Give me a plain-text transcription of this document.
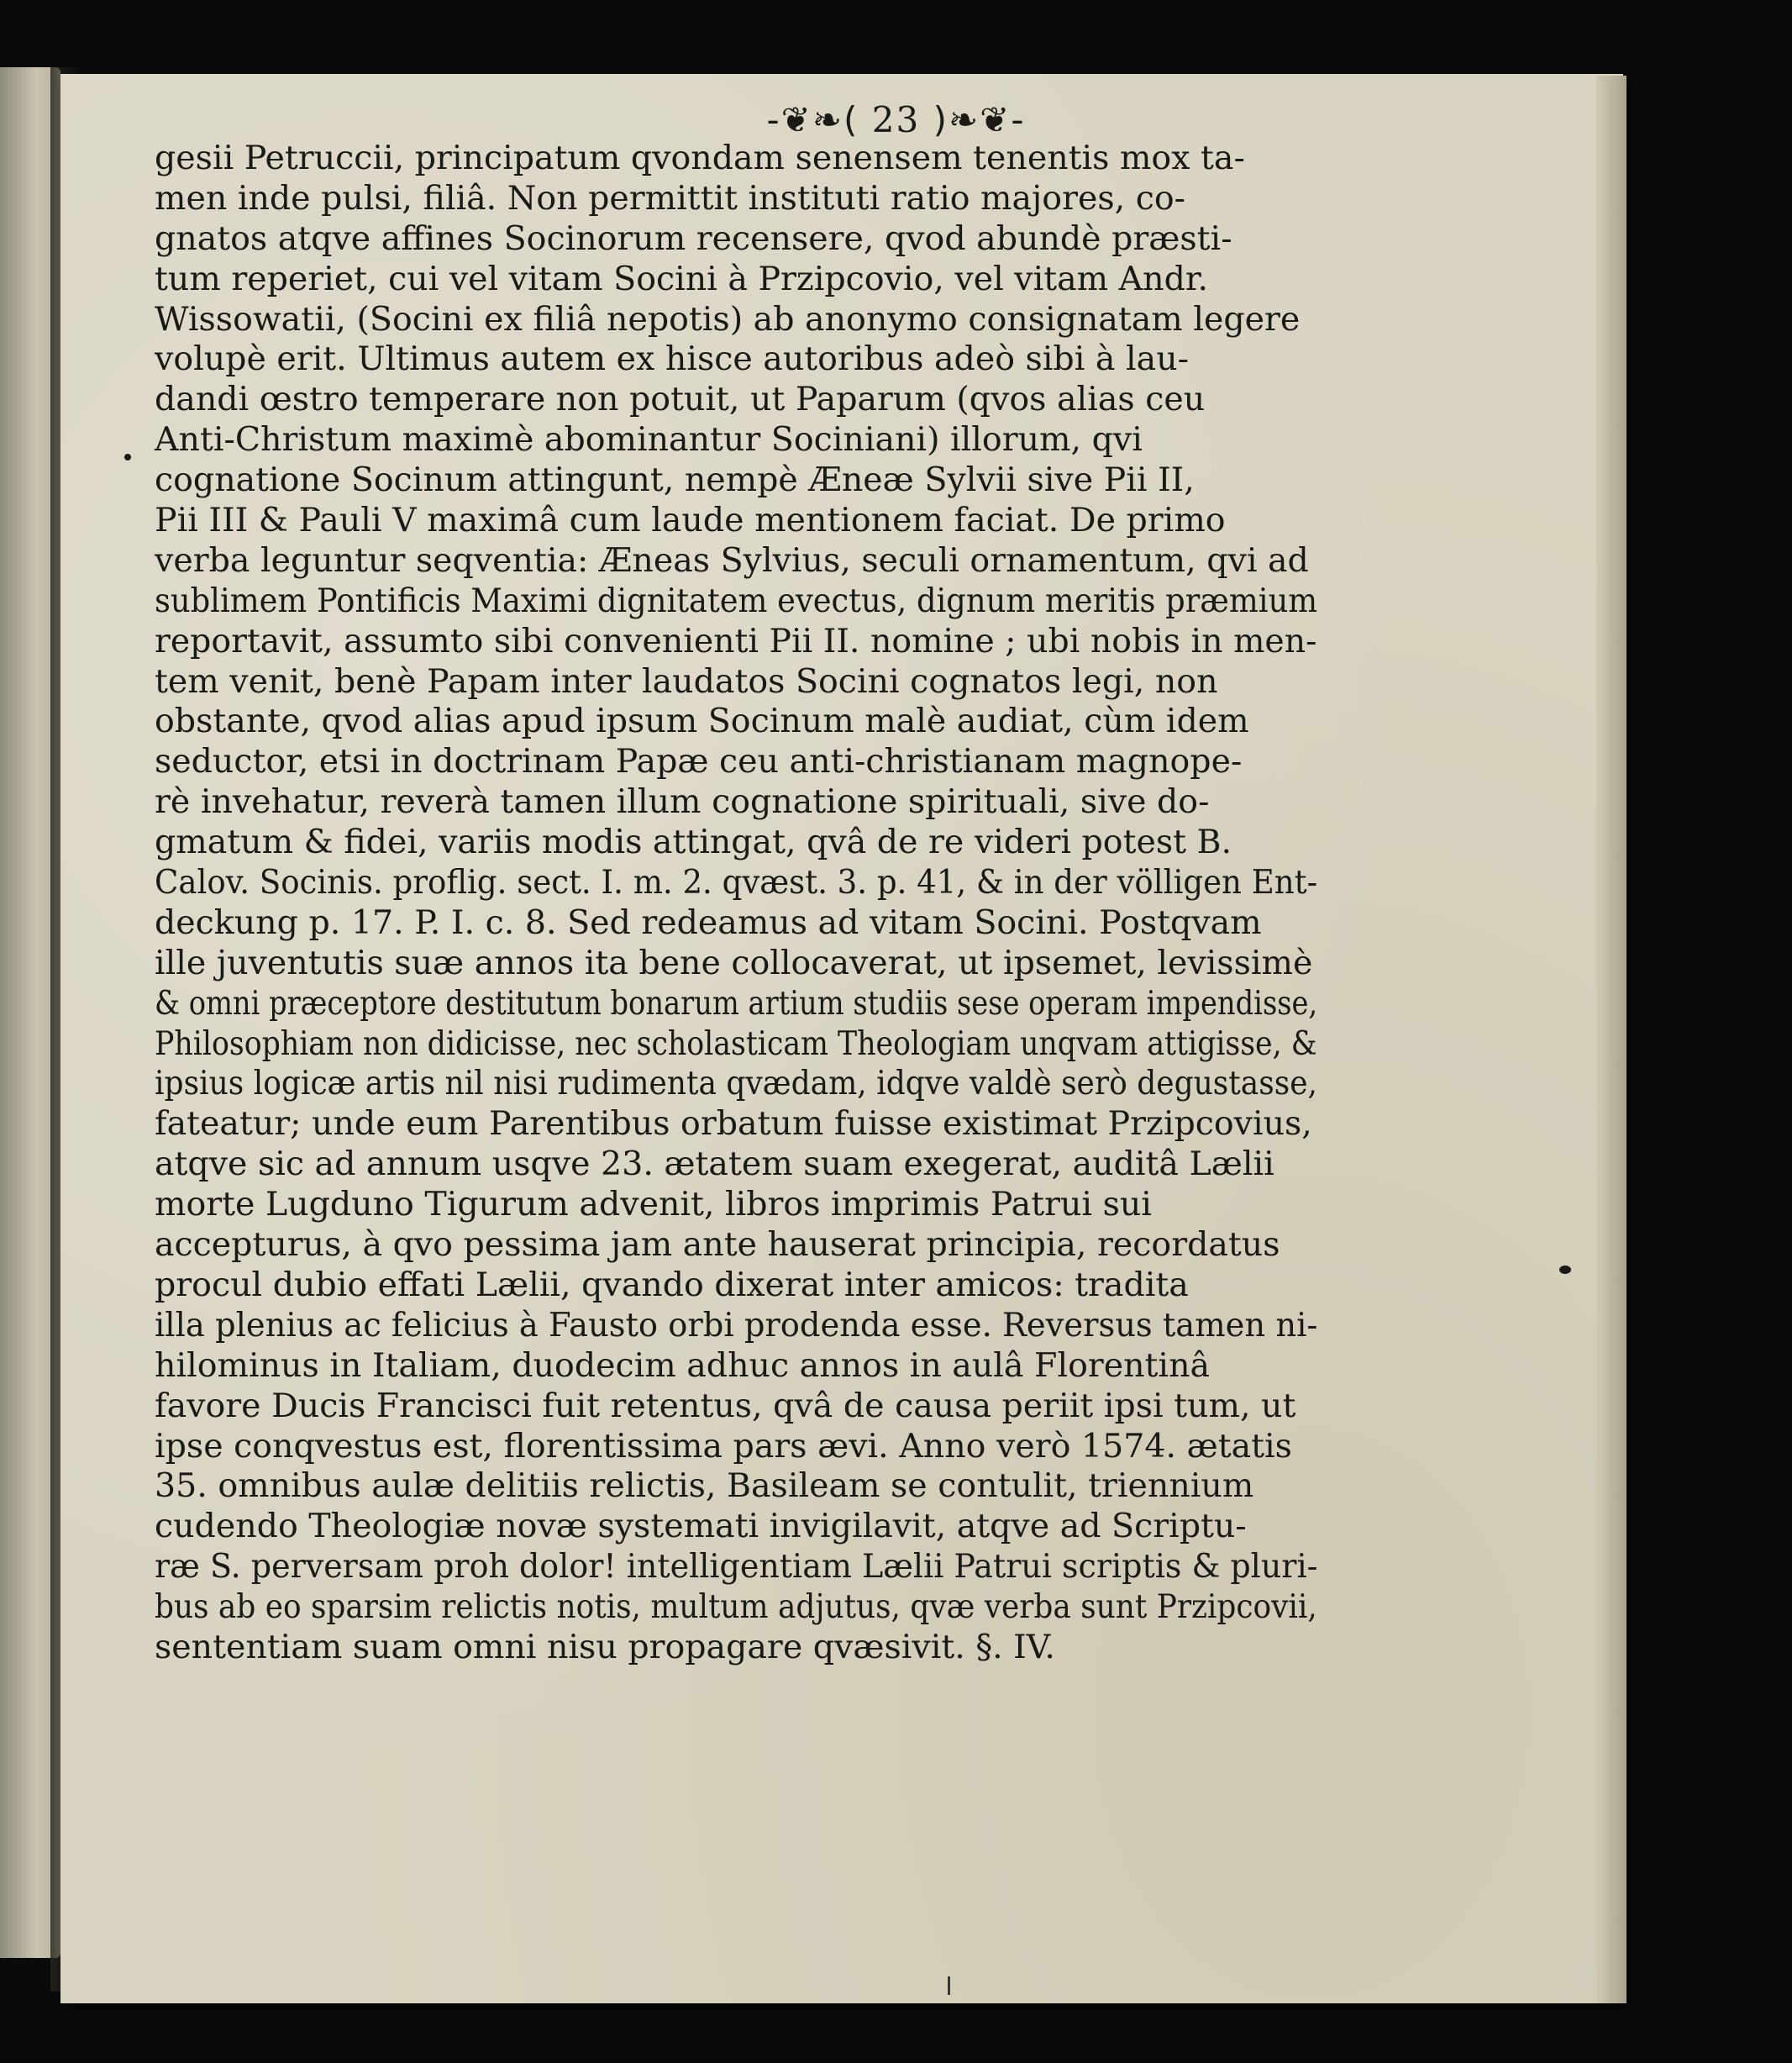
-❦❧( 23 )❧❦-
gesii Petruccii, principatum qvondam senensem tenentis mox ta-
men inde pulsi, filiâ. Non permittit instituti ratio majores, co-
gnatos atqve affines Socinorum recensere, qvod abundè præsti-
tum reperiet, cui vel vitam Socini à Przipcovio, vel vitam Andr.
Wissowatii, (Socini ex filiâ nepotis) ab anonymo consignatam legere
volupè erit. Ultimus autem ex hisce autoribus adeò sibi à lau-
dandi œstro temperare non potuit, ut Paparum (qvos alias ceu
Anti-Christum maximè abominantur Sociniani) illorum, qvi
cognatione Socinum attingunt, nempè Æneæ Sylvii sive Pii II,
Pii III & Pauli V maximâ cum laude mentionem faciat. De primo
verba leguntur seqventia: Æneas Sylvius, seculi ornamentum, qvi ad
sublimem Pontificis Maximi dignitatem evectus, dignum meritis præmium
reportavit, assumto sibi convenienti Pii II. nomine ; ubi nobis in men-
tem venit, benè Papam inter laudatos Socini cognatos legi, non
obstante, qvod alias apud ipsum Socinum malè audiat, cùm idem
seductor, etsi in doctrinam Papæ ceu anti-christianam magnope-
rè invehatur, reverà tamen illum cognatione spirituali, sive do-
gmatum & fidei, variis modis attingat, qvâ de re videri potest B.
Calov. Socinis. proflig. sect. I. m. 2. qvæst. 3. p. 41, & in der völligen Ent-
deckung p. 17. P. I. c. 8. Sed redeamus ad vitam Socini. Postqvam
ille juventutis suæ annos ita bene collocaverat, ut ipsemet, levissimè
& omni præceptore destitutum bonarum artium studiis sese operam impendisse,
Philosophiam non didicisse, nec scholasticam Theologiam unqvam attigisse, &
ipsius logicæ artis nil nisi rudimenta qvædam, idqve valdè serò degustasse,
fateatur; unde eum Parentibus orbatum fuisse existimat Przipcovius,
atqve sic ad annum usqve 23. ætatem suam exegerat, auditâ Lælii
morte Lugduno Tigurum advenit, libros imprimis Patrui sui
accepturus, à qvo pessima jam ante hauserat principia, recordatus
procul dubio effati Lælii, qvando dixerat inter amicos: tradita
illa plenius ac felicius à Fausto orbi prodenda esse. Reversus tamen ni-
hilominus in Italiam, duodecim adhuc annos in aulâ Florentinâ
favore Ducis Francisci fuit retentus, qvâ de causa periit ipsi tum, ut
ipse conqvestus est, florentissima pars ævi. Anno verò 1574. ætatis
35. omnibus aulæ delitiis relictis, Basileam se contulit, triennium
cudendo Theologiæ novæ systemati invigilavit, atqve ad Scriptu-
ræ S. perversam proh dolor! intelligentiam Lælii Patrui scriptis & pluri-
bus ab eo sparsim relictis notis, multum adjutus, qvæ verba sunt Przipcovii,
sententiam suam omni nisu propagare qvæsivit. §. IV.
